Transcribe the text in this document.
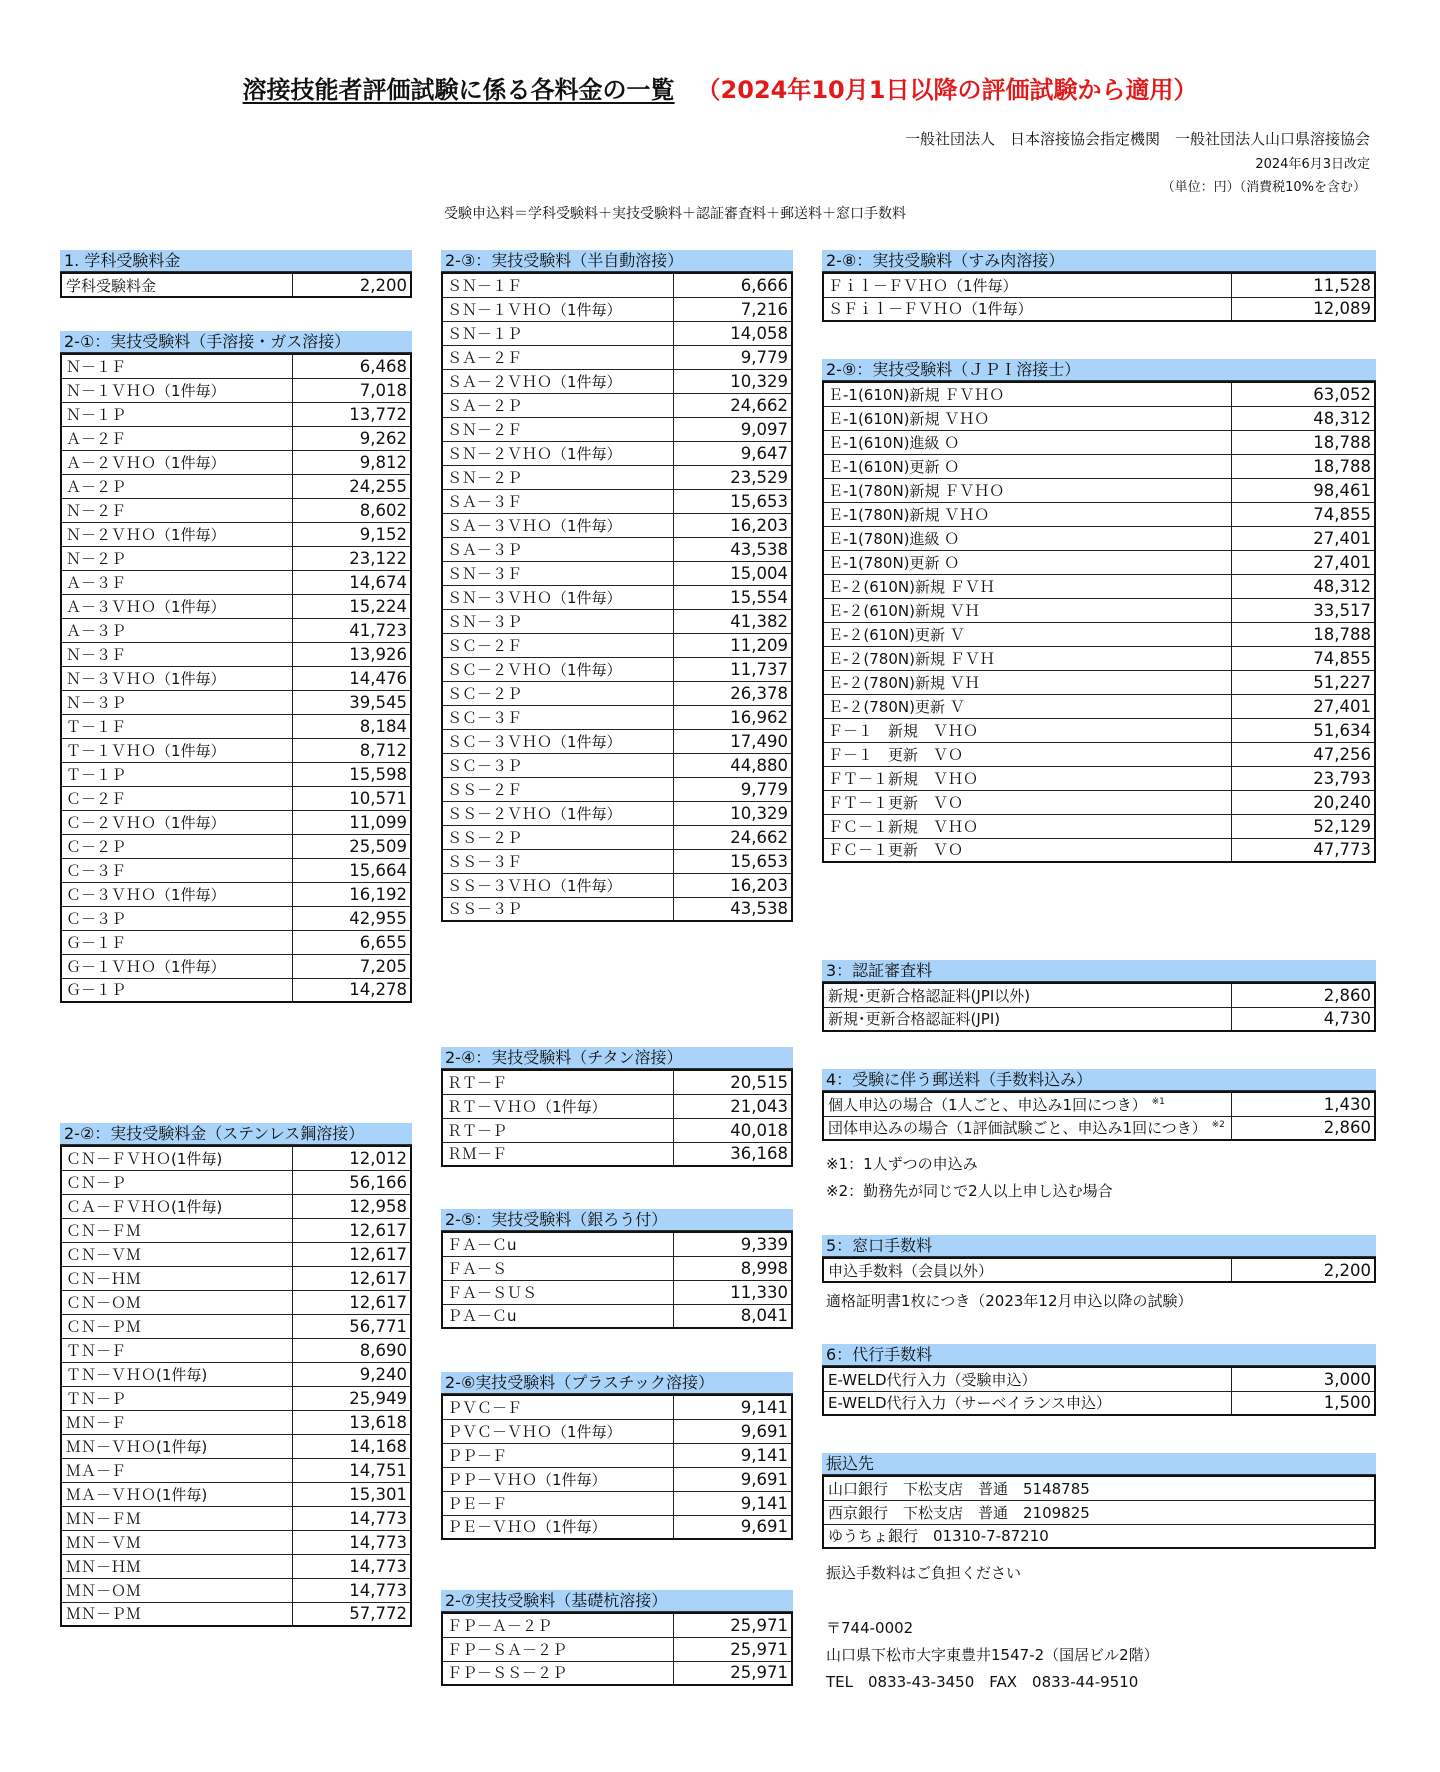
溶接技能者評価試験に係る各料金の一覧 （2024年10月1日以降の評価試験から適用）
一般社団法人　日本溶接協会指定機関　一般社団法人山口県溶接協会
2024年6月3日改定
（単位：円）（消費税10%を含む）
受験申込料＝学科受験料＋実技受験料＋認証審査料＋郵送料＋窓口手数料
1. 学科受験料金
学科受験料金	2,200
2-①：実技受験料（手溶接・ガス溶接）
Ｎ－１Ｆ	6,468
Ｎ－１ＶＨＯ（1件毎）	7,018
Ｎ－１Ｐ	13,772
Ａ－２Ｆ	9,262
Ａ－２ＶＨＯ（1件毎）	9,812
Ａ－２Ｐ	24,255
Ｎ－２Ｆ	8,602
Ｎ－２ＶＨＯ（1件毎）	9,152
Ｎ－２Ｐ	23,122
Ａ－３Ｆ	14,674
Ａ－３ＶＨＯ（1件毎）	15,224
Ａ－３Ｐ	41,723
Ｎ－３Ｆ	13,926
Ｎ－３ＶＨＯ（1件毎）	14,476
Ｎ－３Ｐ	39,545
Ｔ－１Ｆ	8,184
Ｔ－１ＶＨＯ（1件毎）	8,712
Ｔ－１Ｐ	15,598
Ｃ－２Ｆ	10,571
Ｃ－２ＶＨＯ（1件毎）	11,099
Ｃ－２Ｐ	25,509
Ｃ－３Ｆ	15,664
Ｃ－３ＶＨＯ（1件毎）	16,192
Ｃ－３Ｐ	42,955
Ｇ－１Ｆ	6,655
Ｇ－１ＶＨＯ（1件毎）	7,205
Ｇ－１Ｐ	14,278
2-②：実技受験料金（ステンレス鋼溶接）
ＣＮ－ＦＶＨＯ(1件毎)	12,012
ＣＮ－Ｐ	56,166
ＣＡ－ＦＶＨＯ(1件毎)	12,958
ＣＮ－ＦＭ	12,617
ＣＮ－ＶＭ	12,617
ＣＮ－ＨＭ	12,617
ＣＮ－ＯＭ	12,617
ＣＮ－ＰＭ	56,771
ＴＮ－Ｆ	8,690
ＴＮ－ＶＨＯ(1件毎)	9,240
ＴＮ－Ｐ	25,949
ＭＮ－Ｆ	13,618
ＭＮ－ＶＨＯ(1件毎)	14,168
ＭＡ－Ｆ	14,751
ＭＡ－ＶＨＯ(1件毎)	15,301
ＭＮ－ＦＭ	14,773
ＭＮ－ＶＭ	14,773
ＭＮ－ＨＭ	14,773
ＭＮ－ＯＭ	14,773
ＭＮ－ＰＭ	57,772
2-③：実技受験料（半自動溶接）
ＳＮ－１Ｆ	6,666
ＳＮ－１ＶＨＯ（1件毎）	7,216
ＳＮ－１Ｐ	14,058
ＳＡ－２Ｆ	9,779
ＳＡ－２ＶＨＯ（1件毎）	10,329
ＳＡ－２Ｐ	24,662
ＳＮ－２Ｆ	9,097
ＳＮ－２ＶＨＯ（1件毎）	9,647
ＳＮ－２Ｐ	23,529
ＳＡ－３Ｆ	15,653
ＳＡ－３ＶＨＯ（1件毎）	16,203
ＳＡ－３Ｐ	43,538
ＳＮ－３Ｆ	15,004
ＳＮ－３ＶＨＯ（1件毎）	15,554
ＳＮ－３Ｐ	41,382
ＳＣ－２Ｆ	11,209
ＳＣ－２ＶＨＯ（1件毎）	11,737
ＳＣ－２Ｐ	26,378
ＳＣ－３Ｆ	16,962
ＳＣ－３ＶＨＯ（1件毎）	17,490
ＳＣ－３Ｐ	44,880
ＳＳ－２Ｆ	9,779
ＳＳ－２ＶＨＯ（1件毎）	10,329
ＳＳ－２Ｐ	24,662
ＳＳ－３Ｆ	15,653
ＳＳ－３ＶＨＯ（1件毎）	16,203
ＳＳ－３Ｐ	43,538
2-④：実技受験料（チタン溶接）
ＲＴ－Ｆ	20,515
ＲＴ－ＶＨＯ（1件毎）	21,043
ＲＴ－Ｐ	40,018
ＲＭ－Ｆ	36,168
2-⑤：実技受験料（銀ろう付）
ＦＡ－Ｃu	9,339
ＦＡ－Ｓ	8,998
ＦＡ－ＳＵＳ	11,330
ＰＡ－Ｃu	8,041
2-⑥実技受験料（プラスチック溶接）
ＰＶＣ－Ｆ	9,141
ＰＶＣ－ＶＨＯ（1件毎）	9,691
ＰＰ－Ｆ	9,141
ＰＰ－ＶＨＯ（1件毎）	9,691
ＰＥ－Ｆ	9,141
ＰＥ－ＶＨＯ（1件毎）	9,691
2-⑦実技受験料（基礎杭溶接）
ＦＰ－Ａ－２Ｐ	25,971
ＦＰ－ＳＡ－２Ｐ	25,971
ＦＰ－ＳＳ－２Ｐ	25,971
2-⑧：実技受験料（すみ肉溶接）
Ｆｉｌ－ＦＶＨＯ（1件毎）	11,528
ＳＦｉｌ－ＦＶＨＯ（1件毎）	12,089
2-⑨：実技受験料（ＪＰＩ溶接士）
Ｅ-1(610N)新規 ＦＶＨＯ	63,052
Ｅ-1(610N)新規 ＶＨＯ	48,312
Ｅ-1(610N)進級 Ｏ	18,788
Ｅ-1(610N)更新 Ｏ	18,788
Ｅ-1(780N)新規 ＦＶＨＯ	98,461
Ｅ-1(780N)新規 ＶＨＯ	74,855
Ｅ-1(780N)進級 Ｏ	27,401
Ｅ-1(780N)更新 Ｏ	27,401
Ｅ-２(610N)新規 ＦＶＨ	48,312
Ｅ-２(610N)新規 ＶＨ	33,517
Ｅ-２(610N)更新 Ｖ	18,788
Ｅ-２(780N)新規 ＦＶＨ	74,855
Ｅ-２(780N)新規 ＶＨ	51,227
Ｅ-２(780N)更新 Ｖ	27,401
Ｆ－１　新規　ＶＨＯ	51,634
Ｆ－１　更新　ＶＯ	47,256
ＦＴ－１新規　ＶＨＯ	23,793
ＦＴ－１更新　ＶＯ	20,240
ＦＣ－１新規　ＶＨＯ	52,129
ＦＣ－１更新　ＶＯ	47,773
3：認証審査料
新規･更新合格認証料(JPI以外)	2,860
新規･更新合格認証料(JPI)	4,730
4：受験に伴う郵送料（手数料込み）
個人申込の場合（1人ごと、申込み1回につき） $^{※1}$	1,430
団体申込みの場合（1評価試験ごと、申込み1回につき） $^{※2}$	2,860
※1：1人ずつの申込み
※2：勤務先が同じで2人以上申し込む場合
5：窓口手数料
申込手数料（会員以外）	2,200
適格証明書1枚につき（2023年12月申込以降の試験）
6：代行手数料
E-WELD代行入力（受験申込）	3,000
E-WELD代行入力（サーベイランス申込）	1,500
振込先
山口銀行　下松支店　普通　5148785
西京銀行　下松支店　普通　2109825
ゆうちょ銀行　01310-7-87210
振込手数料はご負担ください
〒744-0002
山口県下松市大字東豊井1547-2（国居ビル2階）
TEL　0833-43-3450　FAX　0833-44-9510
